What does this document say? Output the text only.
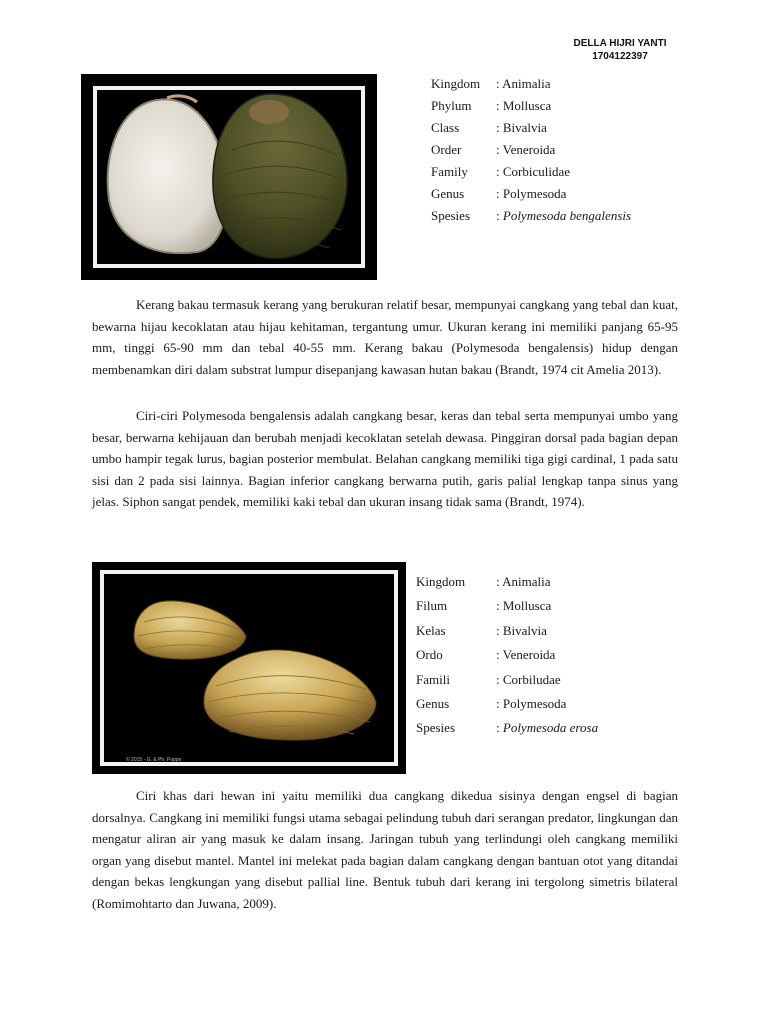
DELLA HIJRI YANTI
1704122397
Kingdom : Animalia
Phylum : Mollusca
Class	: Bivalvia
Order	: Veneroida
Family : Corbiculidae
Genus : Polymesoda
Spesies : Polymesoda bengalensis

Kerang bakau termasuk kerang yang berukuran relatif besar, mempunyai cangkang yang tebal dan kuat, bewarna hijau kecoklatan atau hijau kehitaman, tergantung umur. Ukuran kerang ini memiliki panjang 65-95 mm, tinggi 65-90 mm dan tebal 40-55 mm. Kerang bakau (Polymesoda bengalensis) hidup dengan membenamkan diri dalam substrat lumpur disepanjang kawasan hutan bakau (Brandt, 1974 cit Amelia 2013).

Ciri-ciri Polymesoda bengalensis adalah cangkang besar, keras dan tebal serta mempunyai umbo yang besar, berwarna kehijauan dan berubah menjadi kecoklatan setelah dewasa. Pinggiran dorsal pada bagian depan umbo hampir tegak lurus, bagian posterior membulat. Belahan cangkang memiliki tiga gigi cardinal, 1 pada satu sisi dan 2 pada sisi lainnya. Bagian inferior cangkang berwarna putih, garis palial lengkap tanpa sinus yang jelas. Siphon sangat pendek, memiliki kaki tebal dan ukuran insang tidak sama (Brandt, 1974).

© 2015 - G. & Ph. Poppe
Kingdom : Animalia
Filum	: Mollusca
Kelas	: Bivalvia
Ordo	: Veneroida
Famili	: Corbiludae
Genus	: Polymesoda
Spesies	: Polymesoda erosa

Ciri khas dari hewan ini yaitu memiliki dua cangkang dikedua sisinya dengan engsel di bagian dorsalnya. Cangkang ini memiliki fungsi utama sebagai pelindung tubuh dari serangan predator, lingkungan dan mengatur aliran air yang masuk ke dalam insang. Jaringan tubuh yang terlindungi oleh cangkang memiliki organ yang disebut mantel. Mantel ini melekat pada bagian dalam cangkang dengan bantuan otot yang ditandai dengan bekas lengkungan yang disebut pallial line. Bentuk tubuh dari kerang ini tergolong simetris bilateral (Romimohtarto dan Juwana, 2009).
